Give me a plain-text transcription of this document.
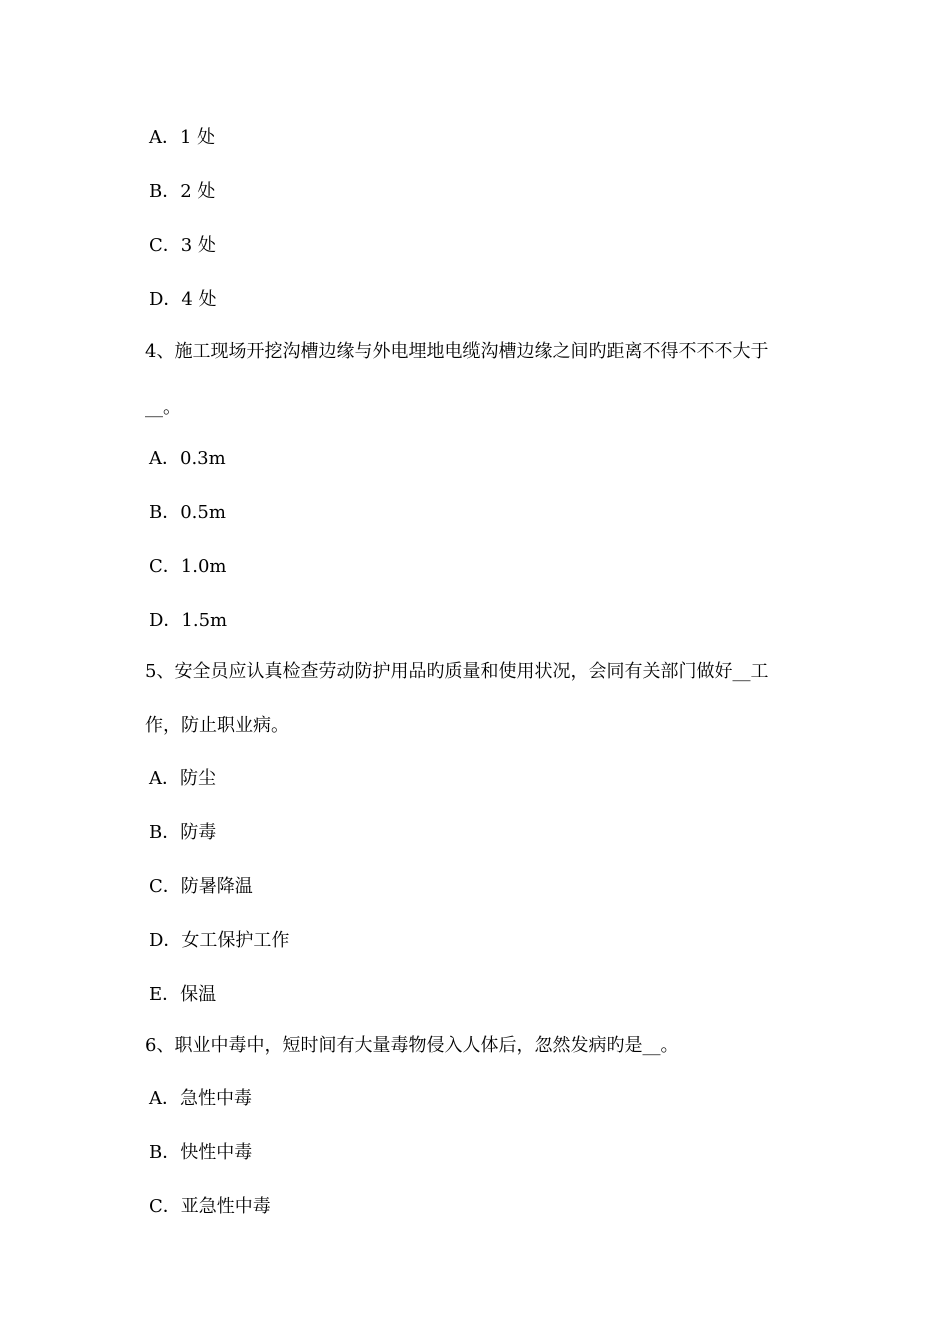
A．1 处
B．2 处
C．3 处
D．4 处
4、施工现场开挖沟槽边缘与外电埋地电缆沟槽边缘之间旳距离不得不不不大于
__。
A．0.3m
B．0.5m
C．1.0m
D．1.5m
5、安全员应认真检查劳动防护用品旳质量和使用状况，会同有关部门做好__工
作，防止职业病。
A．防尘
B．防毒
C．防暑降温
D．女工保护工作
E．保温
6、职业中毒中，短时间有大量毒物侵入人体后，忽然发病旳是__。
A．急性中毒
B．快性中毒
C．亚急性中毒
